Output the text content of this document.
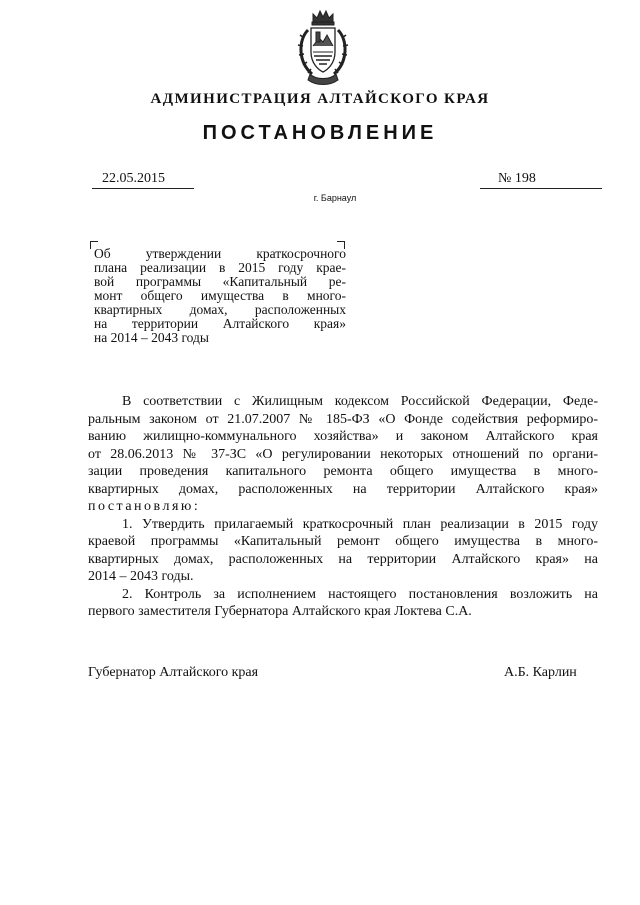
АДМИНИСТРАЦИЯ АЛТАЙСКОГО КРАЯ
ПОСТАНОВЛЕНИЕ
22.05.2015	№ 198
г. Барнаул
Об утверждении краткосрочного
плана реализации в 2015 году крае-
вой программы «Капитальный ре-
монт общего имущества в много-
квартирных домах, расположенных
на территории Алтайского края»
на 2014 – 2043 годы
В соответствии с Жилищным кодексом Российской Федерации, Феде-
ральным законом от 21.07.2007 № 185-ФЗ «О Фонде содействия реформиро-
ванию жилищно-коммунального хозяйства» и законом Алтайского края
от 28.06.2013 № 37-ЗС «О регулировании некоторых отношений по органи-
зации проведения капитального ремонта общего имущества в много-
квартирных домах, расположенных на территории Алтайского края»
постановляю:
1. Утвердить прилагаемый краткосрочный план реализации в 2015 году
краевой программы «Капитальный ремонт общего имущества в много-
квартирных домах, расположенных на территории Алтайского края» на
2014 – 2043 годы.
2. Контроль за исполнением настоящего постановления возложить на
первого заместителя Губернатора Алтайского края Локтева С.А.
Губернатор Алтайского края	А.Б. Карлин
